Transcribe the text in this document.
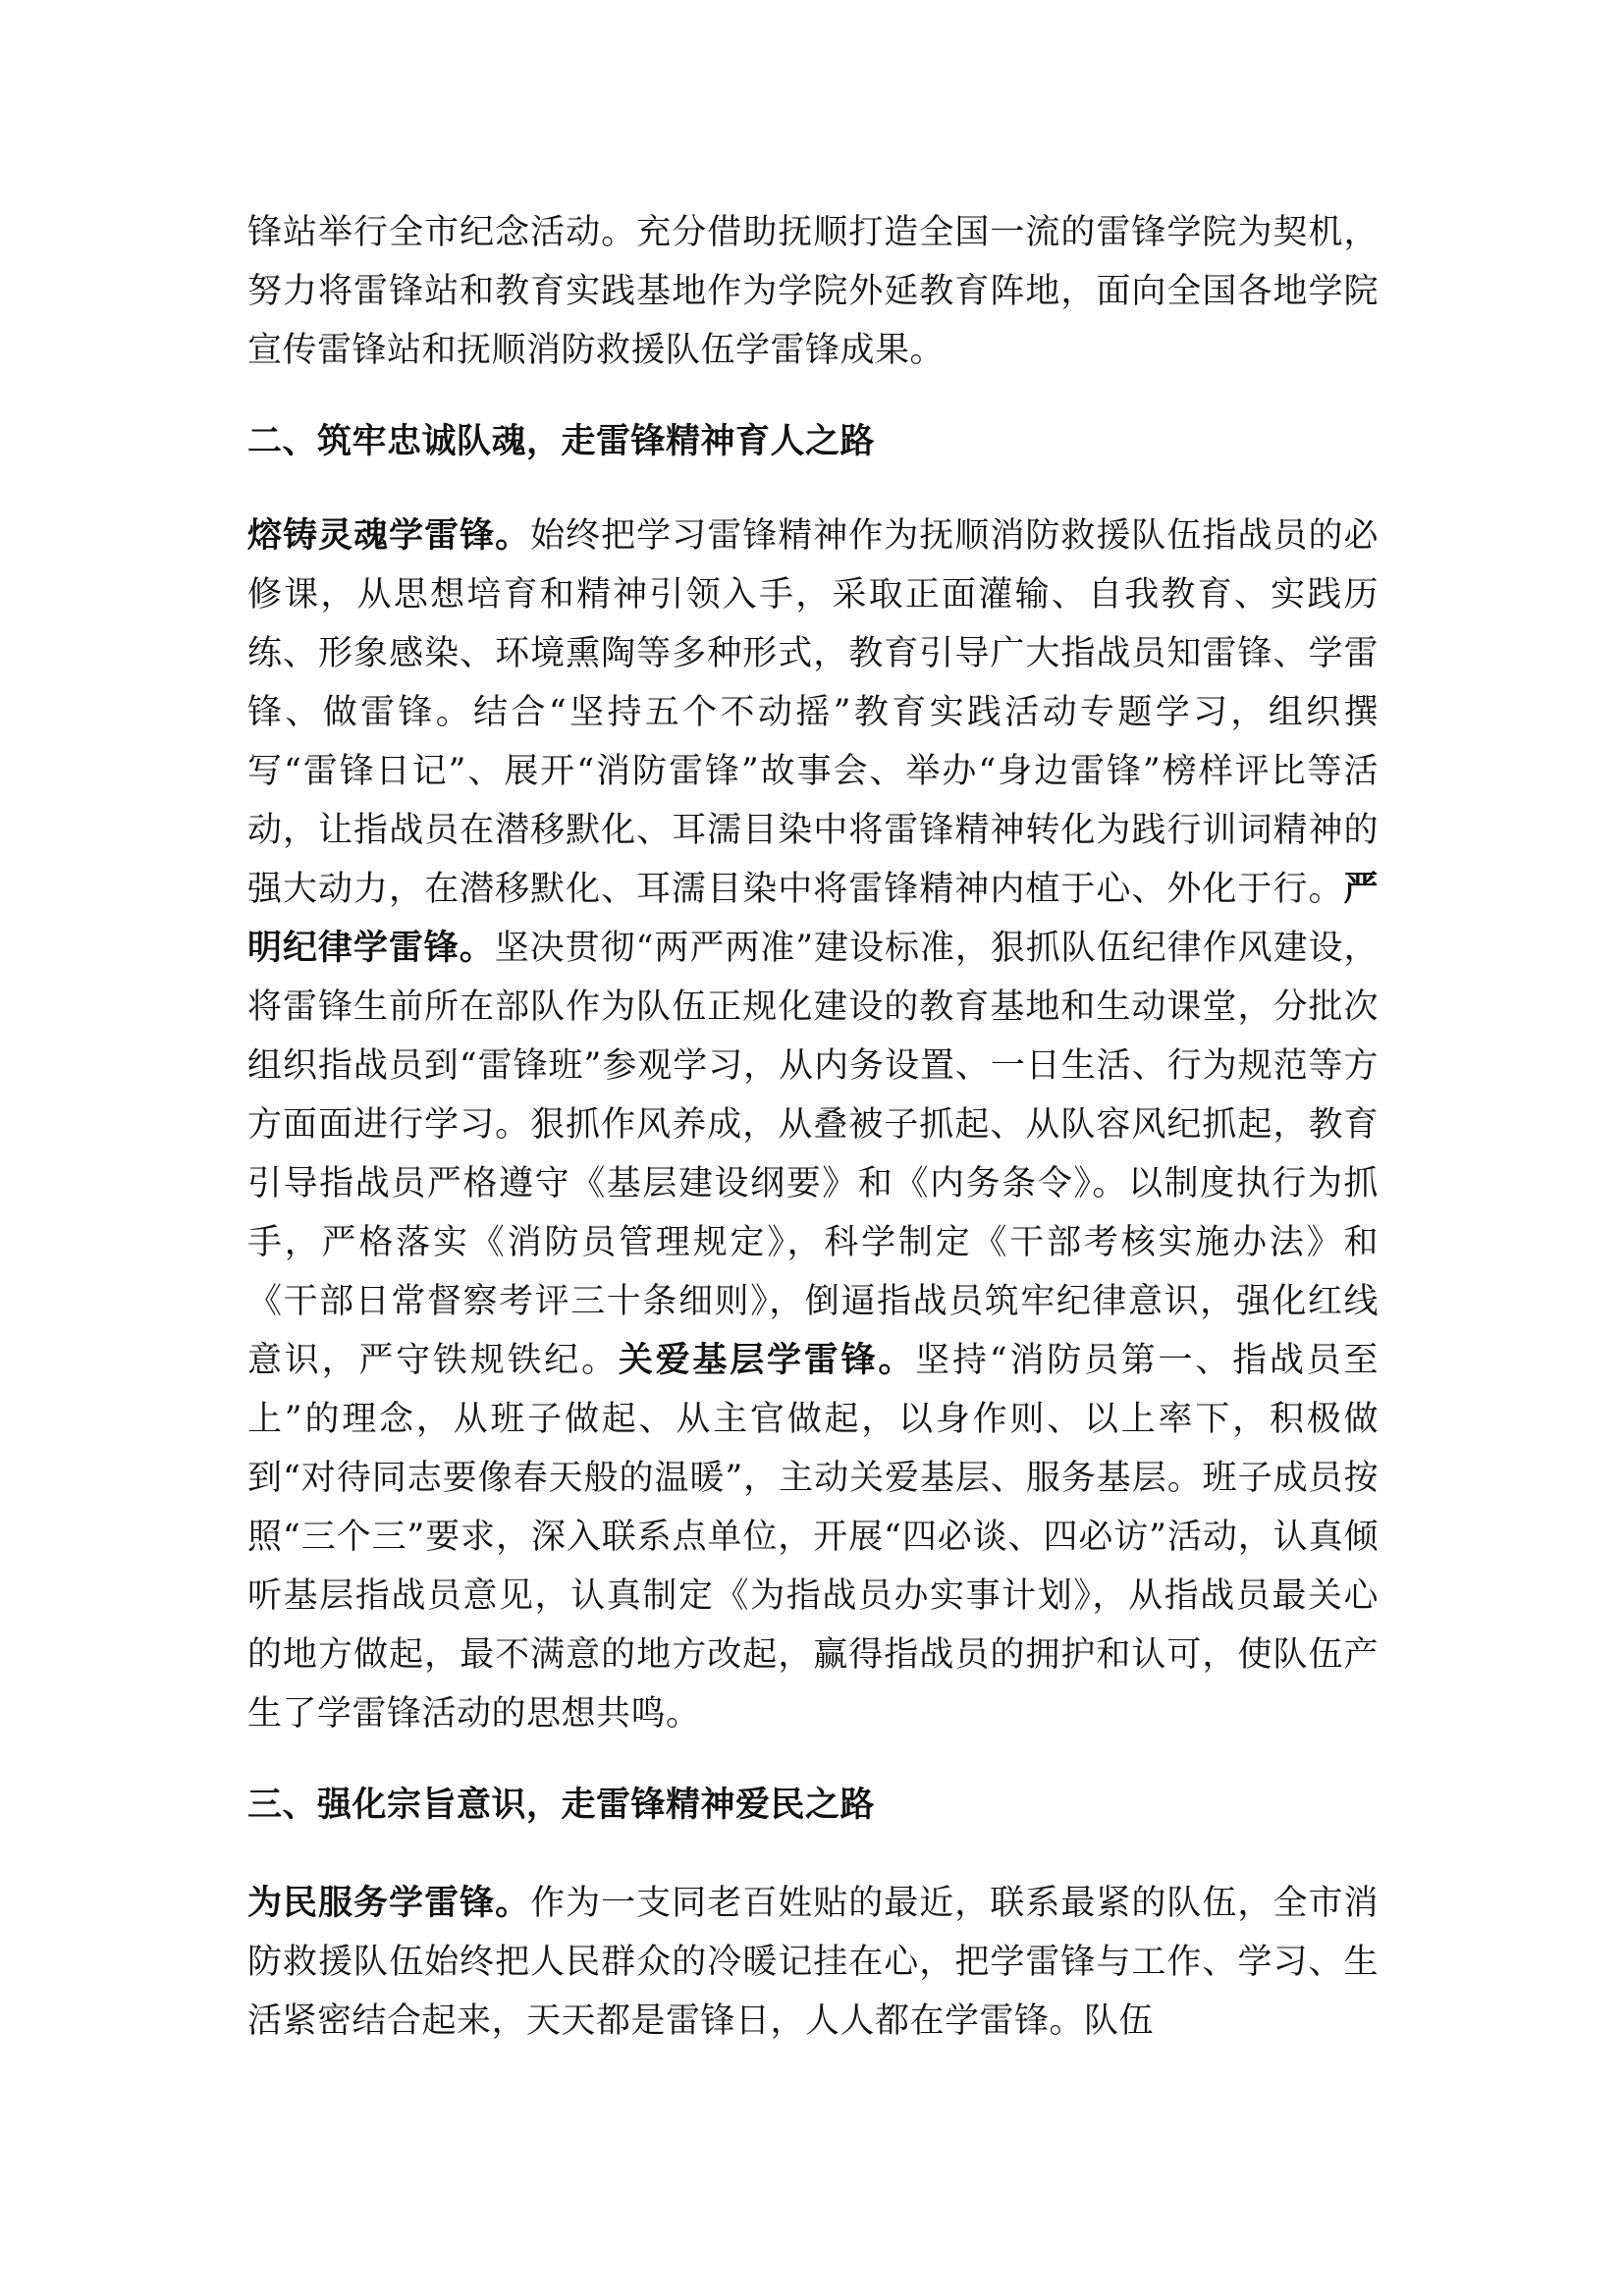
锋站举行全市纪念活动。充分借助抚顺打造全国一流的雷锋学院为契机，努力将雷锋站和教育实践基地作为学院外延教育阵地，面向全国各地学院宣传雷锋站和抚顺消防救援队伍学雷锋成果。

二、筑牢忠诚队魂，走雷锋精神育人之路

熔铸灵魂学雷锋。始终把学习雷锋精神作为抚顺消防救援队伍指战员的必修课，从思想培育和精神引领入手，采取正面灌输、自我教育、实践历练、形象感染、环境熏陶等多种形式，教育引导广大指战员知雷锋、学雷锋、做雷锋。结合“坚持五个不动摇”教育实践活动专题学习，组织撰写“雷锋日记”、展开“消防雷锋”故事会、举办“身边雷锋”榜样评比等活动，让指战员在潜移默化、耳濡目染中将雷锋精神转化为践行训词精神的强大动力，在潜移默化、耳濡目染中将雷锋精神内植于心、外化于行。严明纪律学雷锋。坚决贯彻“两严两准”建设标准，狠抓队伍纪律作风建设，将雷锋生前所在部队作为队伍正规化建设的教育基地和生动课堂，分批次组织指战员到“雷锋班”参观学习，从内务设置、一日生活、行为规范等方方面面进行学习。狠抓作风养成，从叠被子抓起、从队容风纪抓起，教育引导指战员严格遵守《基层建设纲要》和《内务条令》。以制度执行为抓手，严格落实《消防员管理规定》，科学制定《干部考核实施办法》和《干部日常督察考评三十条细则》，倒逼指战员筑牢纪律意识，强化红线意识，严守铁规铁纪。关爱基层学雷锋。坚持“消防员第一、指战员至上”的理念，从班子做起、从主官做起，以身作则、以上率下，积极做到“对待同志要像春天般的温暖”，主动关爱基层、服务基层。班子成员按照“三个三”要求，深入联系点单位，开展“四必谈、四必访”活动，认真倾听基层指战员意见，认真制定《为指战员办实事计划》，从指战员最关心的地方做起，最不满意的地方改起，赢得指战员的拥护和认可，使队伍产生了学雷锋活动的思想共鸣。

三、强化宗旨意识，走雷锋精神爱民之路

为民服务学雷锋。作为一支同老百姓贴的最近，联系最紧的队伍，全市消防救援队伍始终把人民群众的冷暖记挂在心，把学雷锋与工作、学习、生活紧密结合起来，天天都是雷锋日，人人都在学雷锋。队伍
